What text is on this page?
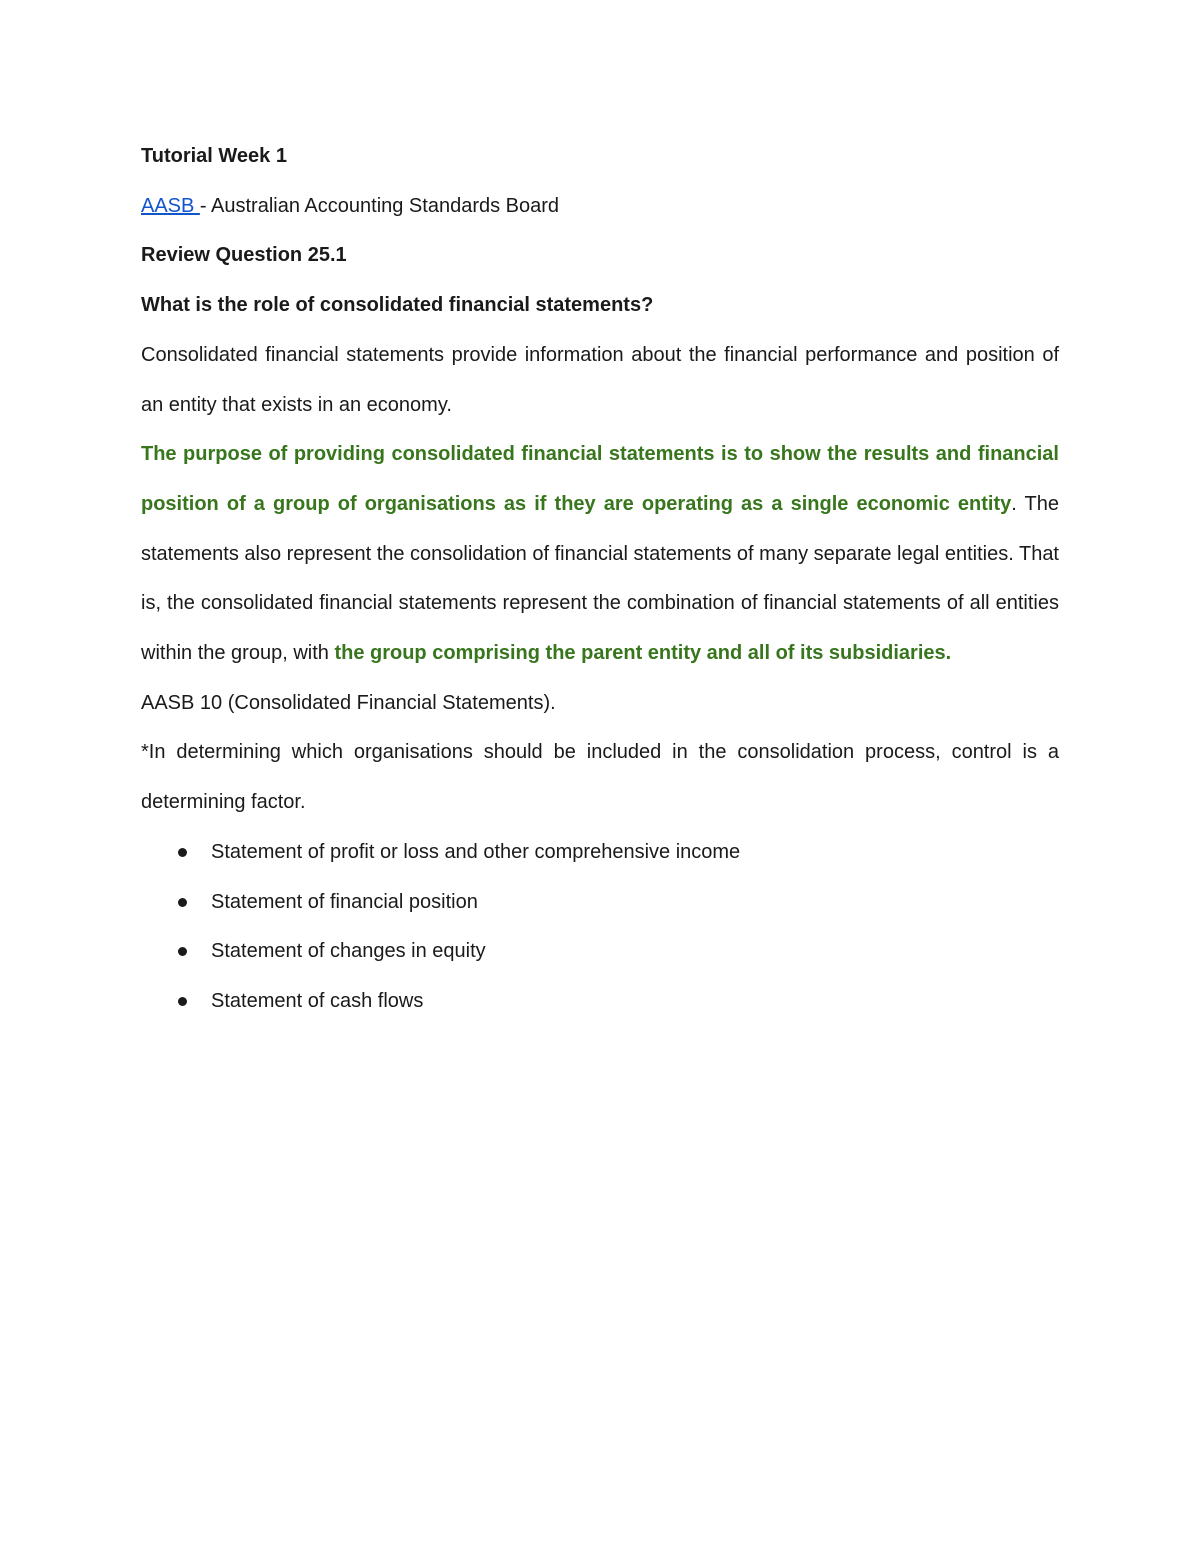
Tutorial Week 1

AASB - Australian Accounting Standards Board

Review Question 25.1

What is the role of consolidated financial statements?

Consolidated financial statements provide information about the financial performance and position of an entity that exists in an economy.

The purpose of providing consolidated financial statements is to show the results and financial position of a group of organisations as if they are operating as a single economic entity. The statements also represent the consolidation of financial statements of many separate legal entities. That is, the consolidated financial statements represent the combination of financial statements of all entities within the group, with the group comprising the parent entity and all of its subsidiaries.

AASB 10 (Consolidated Financial Statements).

*In determining which organisations should be included in the consolidation process, control is a determining factor.

Statement of profit or loss and other comprehensive income
Statement of financial position
Statement of changes in equity
Statement of cash flows
